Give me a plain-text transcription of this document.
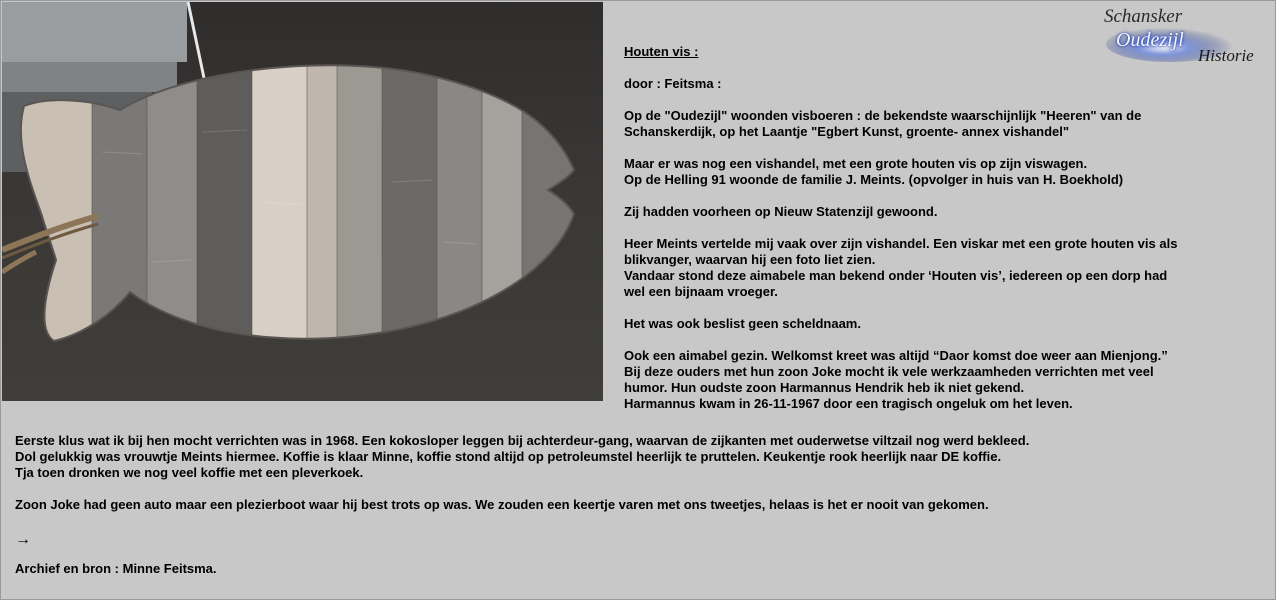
Schansker
Oudezijl
Historie
Houten vis :
door : Feitsma :
Op de "Oudezijl" woonden visboeren : de bekendste waarschijnlijk "Heeren" van de
Schanskerdijk, op het Laantje "Egbert Kunst, groente- annex vishandel"
Maar er was nog een vishandel, met een grote houten vis op zijn viswagen.
Op de Helling 91 woonde de familie J. Meints. (opvolger in huis van H. Boekhold)
Zij hadden voorheen op Nieuw Statenzijl gewoond.
Heer Meints vertelde mij vaak over zijn vishandel. Een viskar met een grote houten vis als
blikvanger, waarvan hij een foto liet zien.
Vandaar stond deze aimabele man bekend onder ‘Houten vis’, iedereen op een dorp had
wel een bijnaam vroeger.
Het was ook beslist geen scheldnaam.
Ook een aimabel gezin. Welkomst kreet was altijd “Daor komst doe weer aan Mienjong.”
Bij deze ouders met hun zoon Joke mocht ik vele werkzaamheden verrichten met veel
humor. Hun oudste zoon Harmannus Hendrik heb ik niet gekend.
Harmannus kwam in 26-11-1967 door een tragisch ongeluk om het leven.
Eerste klus wat ik bij hen mocht verrichten was in 1968. Een kokosloper leggen bij achterdeur-gang, waarvan de zijkanten met ouderwetse viltzail nog werd bekleed.
Dol gelukkig was vrouwtje Meints hiermee. Koffie is klaar Minne, koffie stond altijd op petroleumstel heerlijk te pruttelen. Keukentje rook heerlijk naar DE koffie.
Tja toen dronken we nog veel koffie met een pleverkoek.
Zoon Joke had geen auto maar een plezierboot waar hij best trots op was. We zouden een keertje varen met ons tweetjes, helaas is het er nooit van gekomen.
→
Archief en bron : Minne Feitsma.
